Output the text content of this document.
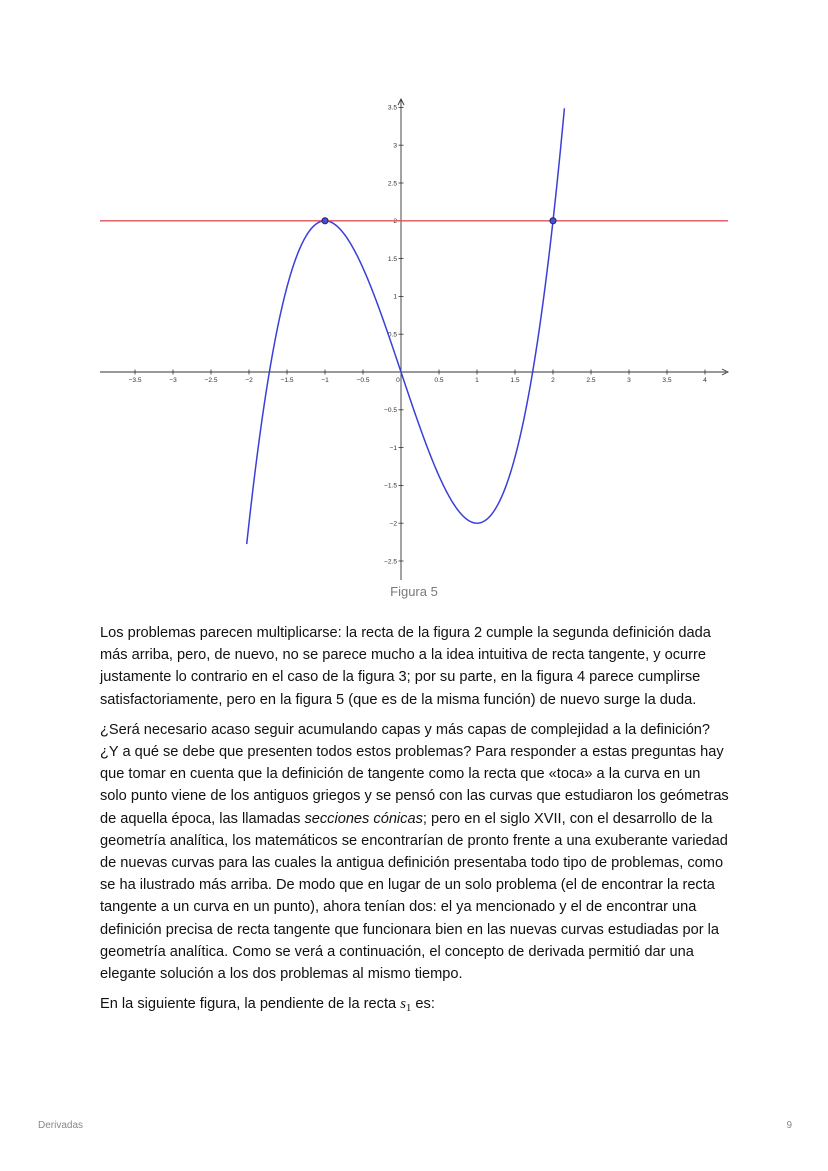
−3.5	−3	−2.5	−2	−1.5	−1	−0.5	0	0.5	1	1.5	2	2.5	3	3.5	4
−2.5
−2
−1.5
−1
−0.5
0.5
1
1.5
2
2.5
3
3.5
Figura 5

Los problemas parecen multiplicarse: la recta de la figura 2 cumple la segunda definición dada más arriba, pero, de nuevo, no se parece mucho a la idea intuitiva de recta tangente, y ocurre justamente lo contrario en el caso de la figura 3; por su parte, en la figura 4 parece cumplirse satisfactoriamente, pero en la figura 5 (que es de la misma función) de nuevo surge la duda.

¿Será necesario acaso seguir acumulando capas y más capas de complejidad a la definición? ¿Y a qué se debe que presenten todos estos problemas? Para responder a estas preguntas hay que tomar en cuenta que la definición de tangente como la recta que «toca» a la curva en un solo punto viene de los antiguos griegos y se pensó con las curvas que estudiaron los geómetras de aquella época, las llamadas secciones cónicas; pero en el siglo XVII, con el desarrollo de la geometría analítica, los matemáticos se encontrarían de pronto frente a una exuberante variedad de nuevas curvas para las cuales la antigua definición presentaba todo tipo de problemas, como se ha ilustrado más arriba. De modo que en lugar de un solo problema (el de encontrar la recta tangente a un curva en un punto), ahora tenían dos: el ya mencionado y el de encontrar una definición precisa de recta tangente que funcionara bien en las nuevas curvas estudiadas por la geometría analítica. Como se verá a continuación, el concepto de derivada permitió dar una elegante solución a los dos problemas al mismo tiempo.

En la siguiente figura, la pendiente de la recta $s_1$ es:

Derivadas	9
